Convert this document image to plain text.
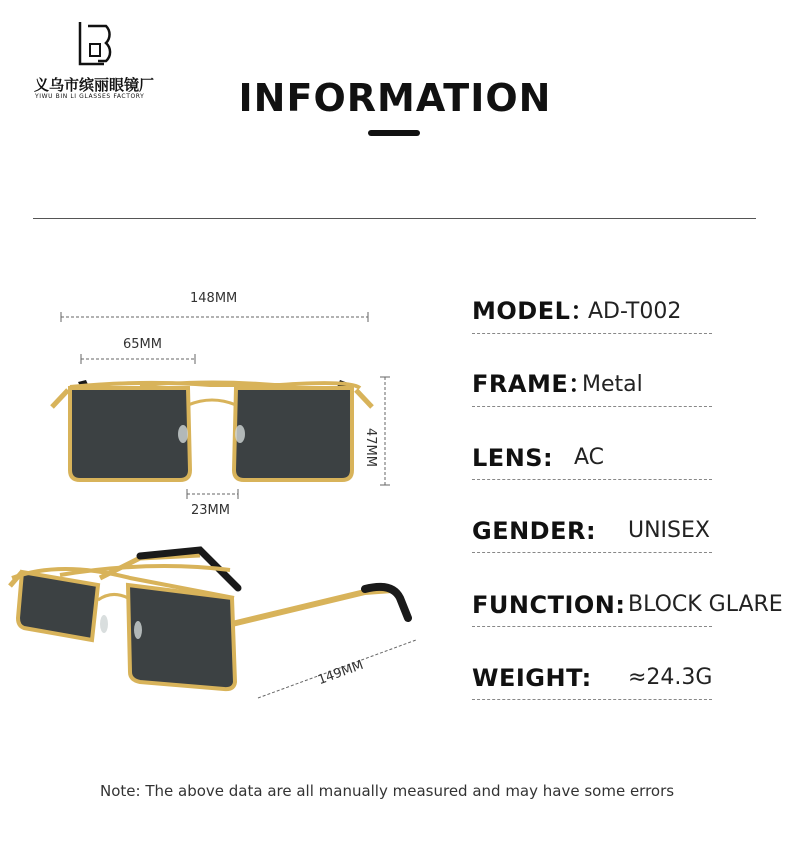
义乌市缤丽眼镜厂
YIWU BIN LI GLASSES FACTORY	INFORMATION
148MM
65MM
47MM
23MM
149MM
MODEL：
AD-T002
FRAME：
Metal
LENS: AC
GENDER: UNISEX
FUNCTION: BLOCK GLARE
WEIGHT: ≈24.3G
Note: The above data are all manually measured and may have some errors
